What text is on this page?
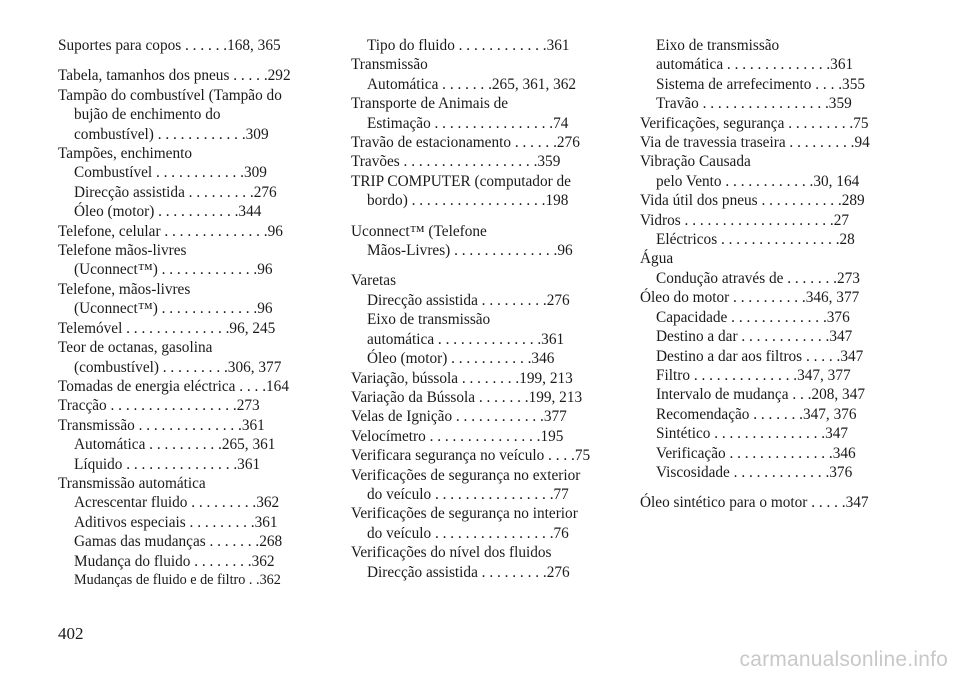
Suportes para copos . . . . . .168, 365
Tabela, tamanhos dos pneus . . . . .292
Tampão do combustível (Tampão do
bujão de enchimento do
combustível) . . . . . . . . . . . .309
Tampões, enchimento
Combustível . . . . . . . . . . . .309
Direcção assistida . . . . . . . . .276
Óleo (motor) . . . . . . . . . . .344
Telefone, celular . . . . . . . . . . . . . .96
Telefone mãos-livres
(Uconnect™) . . . . . . . . . . . . .96
Telefone, mãos-livres
(Uconnect™) . . . . . . . . . . . . .96
Telemóvel . . . . . . . . . . . . . .96, 245
Teor de octanas, gasolina
(combustível) . . . . . . . . .306, 377
Tomadas de energia eléctrica . . . .164
Tracção . . . . . . . . . . . . . . . . .273
Transmissão . . . . . . . . . . . . . .361
Automática . . . . . . . . . .265, 361
Líquido . . . . . . . . . . . . . . .361
Transmissão automática
Acrescentar fluido . . . . . . . . .362
Aditivos especiais . . . . . . . . .361
Gamas das mudanças . . . . . . .268
Mudança do fluido . . . . . . . .362
Mudanças de fluido e de filtro . .362
Tipo do fluido . . . . . . . . . . . .361
Transmissão
Automática . . . . . . .265, 361, 362
Transporte de Animais de
Estimação . . . . . . . . . . . . . . . .74
Travão de estacionamento . . . . . .276
Travões . . . . . . . . . . . . . . . . . .359
TRIP COMPUTER (computador de
bordo) . . . . . . . . . . . . . . . . . .198
Uconnect™ (Telefone
Mãos-Livres) . . . . . . . . . . . . . .96
Varetas
Direcção assistida . . . . . . . . .276
Eixo de transmissão
automática . . . . . . . . . . . . . .361
Óleo (motor) . . . . . . . . . . .346
Variação, bússola . . . . . . . .199, 213
Variação da Bússola . . . . . . .199, 213
Velas de Ignição . . . . . . . . . . . .377
Velocímetro . . . . . . . . . . . . . . .195
Verificara segurança no veículo . . . .75
Verificações de segurança no exterior
do veículo . . . . . . . . . . . . . . . .77
Verificações de segurança no interior
do veículo . . . . . . . . . . . . . . . .76
Verificações do nível dos fluidos
Direcção assistida . . . . . . . . .276
Eixo de transmissão
automática . . . . . . . . . . . . . .361
Sistema de arrefecimento . . . .355
Travão . . . . . . . . . . . . . . . . .359
Verificações, segurança . . . . . . . . .75
Via de travessia traseira . . . . . . . . .94
Vibração Causada
pelo Vento . . . . . . . . . . . .30, 164
Vida útil dos pneus . . . . . . . . . . .289
Vidros . . . . . . . . . . . . . . . . . . . .27
Eléctricos . . . . . . . . . . . . . . . .28
Água
Condução através de . . . . . . .273
Óleo do motor . . . . . . . . . .346, 377
Capacidade . . . . . . . . . . . . .376
Destino a dar . . . . . . . . . . . .347
Destino a dar aos filtros . . . . .347
Filtro . . . . . . . . . . . . . .347, 377
Intervalo de mudança . . .208, 347
Recomendação . . . . . . .347, 376
Sintético . . . . . . . . . . . . . . .347
Verificação . . . . . . . . . . . . . .346
Viscosidade . . . . . . . . . . . . .376
Óleo sintético para o motor . . . . .347
402
carmanualsonline.info
